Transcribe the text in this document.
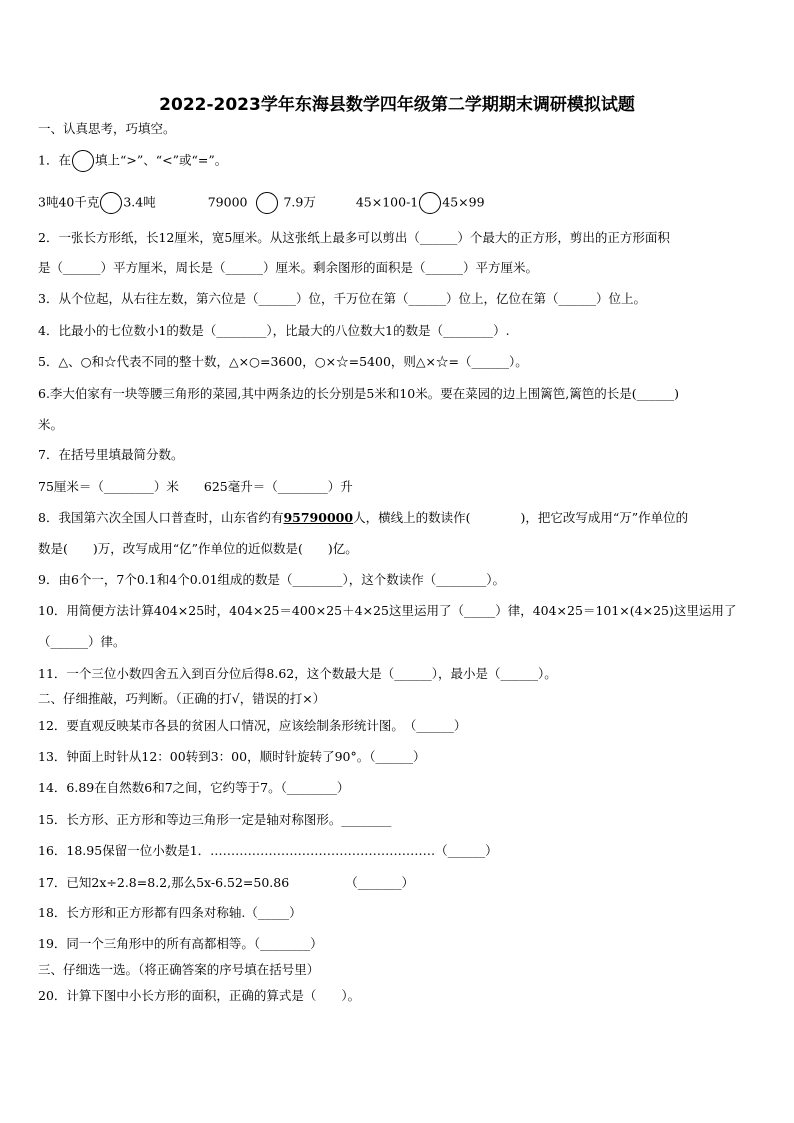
2022-2023学年东海县数学四年级第二学期期末调研模拟试题
一、认真思考，巧填空。
1．在 填上“>”、“<”或“=”。
3吨40千克 3.4吨	79000	7.9万	45×100-1 45×99
2．一张长方形纸，长12厘米，宽5厘米。从这张纸上最多可以剪出（______）个最大的正方形，剪出的正方形面积
是（______）平方厘米，周长是（______）厘米。剩余图形的面积是（______）平方厘米。
3．从个位起，从右往左数，第六位是（______）位，千万位在第（______）位上，亿位在第（______）位上。
4．比最小的七位数小1的数是（________），比最大的八位数大1的数是（________）.
5．△、○和☆代表不同的整十数，△×○=3600，○×☆=5400，则△×☆=（______）。
6.李大伯家有一块等腰三角形的菜园,其中两条边的长分别是5米和10米。要在菜园的边上围篱笆,篱笆的长是(______)
米。
7．在括号里填最简分数。
75厘米＝（________）米　　625毫升＝（________）升
8．我国第六次全国人口普查时，山东省约有95790000人，横线上的数读作(　　　　)，把它改写成用“万”作单位的
数是(　　)万，改写成用“亿”作单位的近似数是(　　)亿。
9．由6个一，7个0.1和4个0.01组成的数是（________），这个数读作（________）。
10．用简便方法计算404×25时，404×25＝400×25＋4×25这里运用了（_____）律，404×25＝101×(4×25)这里运用了
（______）律。
11．一个三位小数四舍五入到百分位后得8.62，这个数最大是（______），最小是（______）。
二、仔细推敲，巧判断。（正确的打√，错误的打×）
12．要直观反映某市各县的贫困人口情况，应该绘制条形统计图。　（______）
13．钟面上时针从12：00转到3：00，顺时针旋转了90°。（______）
14．6.89在自然数6和7之间，它约等于7。（________）
15．长方形、正方形和等边三角形一定是轴对称图形。________
16．18.95保留一位小数是1．………………………………………………（______）
17．已知2x÷2.8=8.2,那么5x-6.52=50.86	（_______）
18．长方形和正方形都有四条对称轴.（_____）
19．同一个三角形中的所有高都相等。（________）
三、仔细选一选。（将正确答案的序号填在括号里）
20．计算下图中小长方形的面积，正确的算式是（　　）。
